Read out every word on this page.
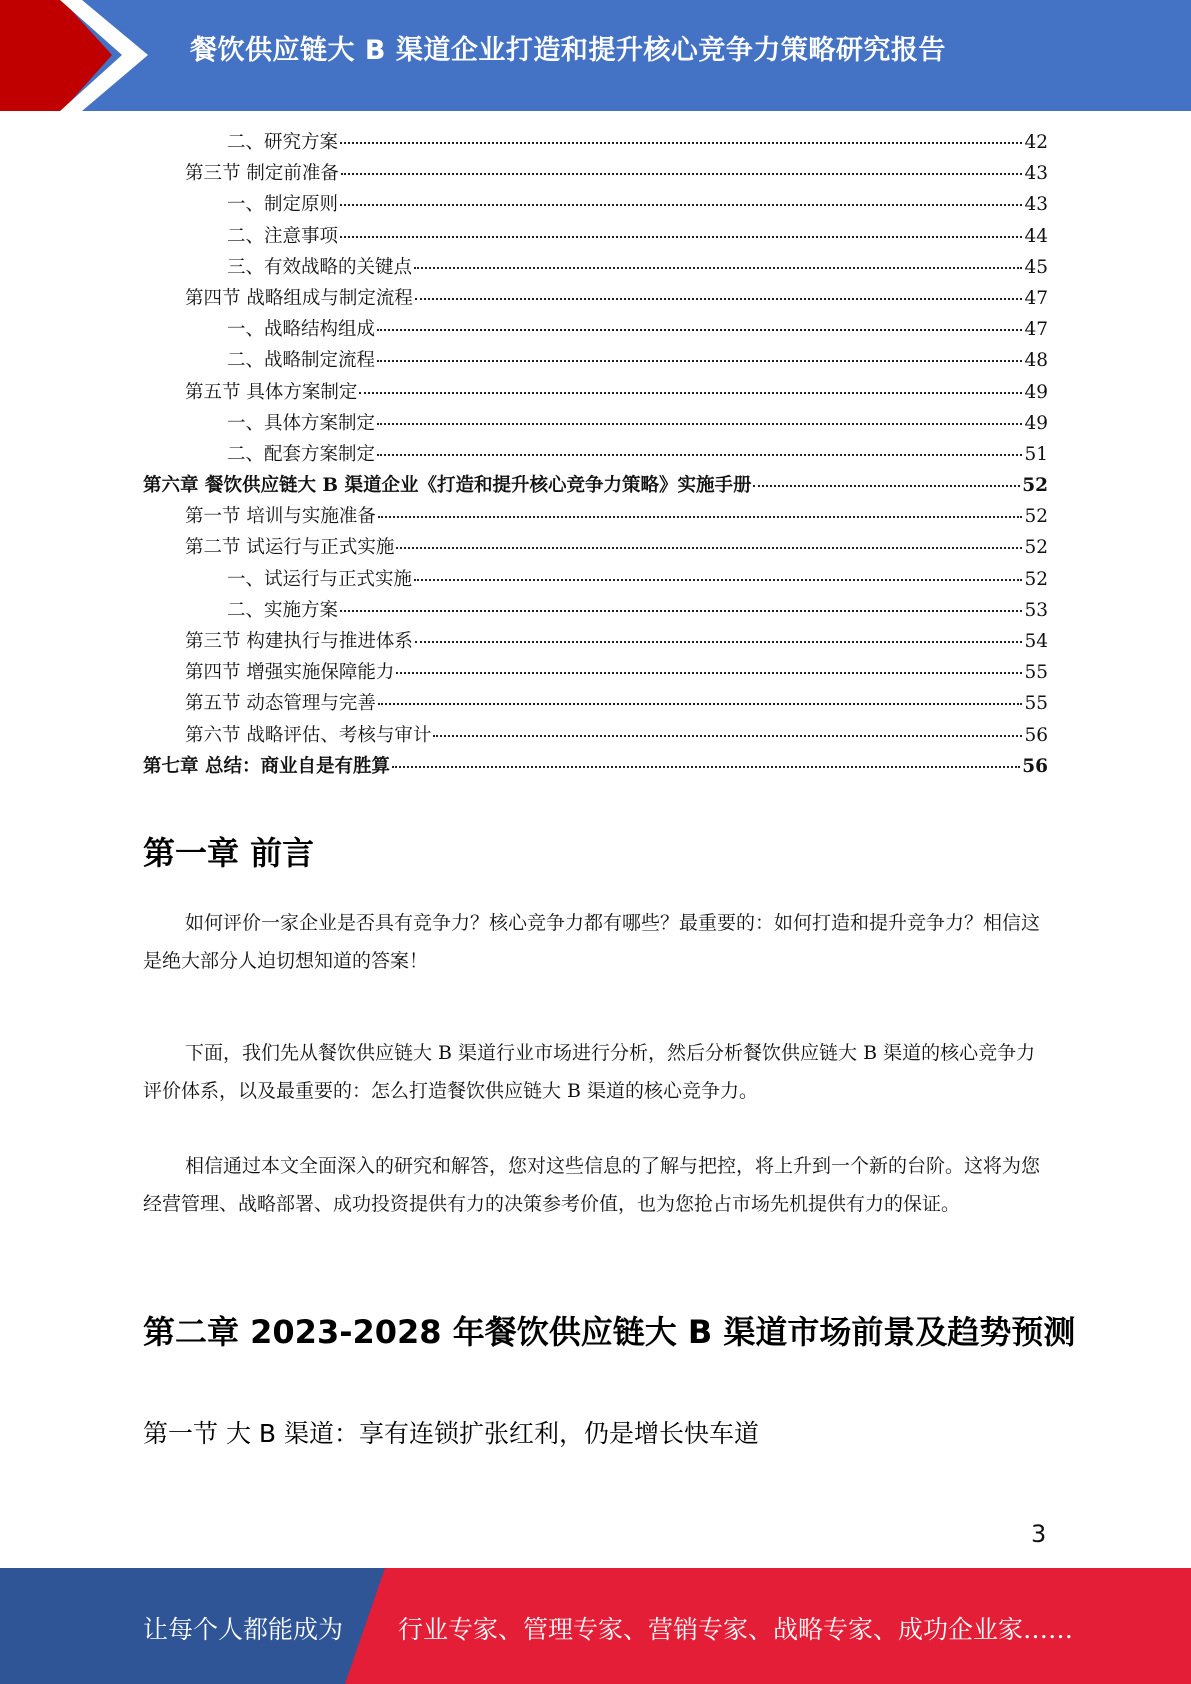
餐饮供应链大 B 渠道企业打造和提升核心竞争力策略研究报告
二、研究方案	42
第三节 制定前准备	43
一、制定原则	43
二、注意事项	44
三、有效战略的关键点	45
第四节 战略组成与制定流程	47
一、战略结构组成	47
二、战略制定流程	48
第五节 具体方案制定	49
一、具体方案制定	49
二、配套方案制定	51
第六章 餐饮供应链大 B 渠道企业《打造和提升核心竞争力策略》实施手册	52
第一节 培训与实施准备	52
第二节 试运行与正式实施	52
一、试运行与正式实施	52
二、实施方案	53
第三节 构建执行与推进体系	54
第四节 增强实施保障能力	55
第五节 动态管理与完善	55
第六节 战略评估、考核与审计	56
第七章 总结：商业自是有胜算	56
第一章 前言

如何评价一家企业是否具有竞争力？核心竞争力都有哪些？最重要的：如何打造和提升竞争力？相信这是绝大部分人迫切想知道的答案！

下面，我们先从餐饮供应链大 B 渠道行业市场进行分析，然后分析餐饮供应链大 B 渠道的核心竞争力评价体系，以及最重要的：怎么打造餐饮供应链大 B 渠道的核心竞争力。

相信通过本文全面深入的研究和解答，您对这些信息的了解与把控，将上升到一个新的台阶。这将为您经营管理、战略部署、成功投资提供有力的决策参考价值，也为您抢占市场先机提供有力的保证。

第二章 2023-2028 年餐饮供应链大 B 渠道市场前景及趋势预测
第一节 大 B 渠道：享有连锁扩张红利，仍是增长快车道
3
让每个人都能成为 行业专家、管理专家、营销专家、战略专家、成功企业家……
